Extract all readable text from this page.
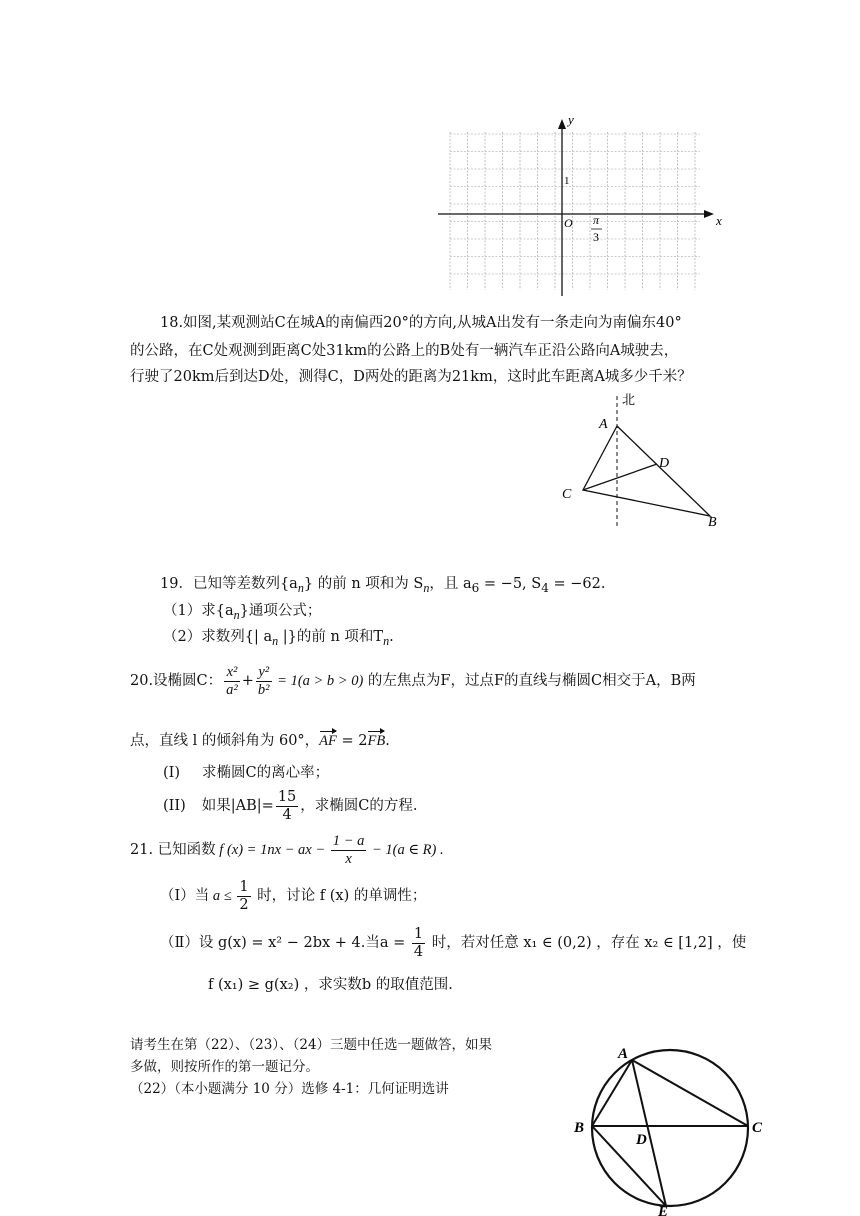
y
x
O
1
π
3
18.如图,某观测站C在城A的南偏西20°的方向,从城A出发有一条走向为南偏东40°
的公路，在C处观测到距离C处31km的公路上的B处有一辆汽车正沿公路向A城驶去，
行驶了20km后到达D处，测得C，D两处的距离为21km，这时此车距离A城多少千米？
北
A
C
D
B
19．已知等差数列$\{a_n\}$ 的前 n 项和为 $S_n$，且 $a_6 = -5$, $S_4 = -62$.
（1）求$\{a_n\}$通项公式；
（2）求数列{| $a_n$ |}的前 n 项和$T_n$.
20.设椭圆C： $\frac{\text{x²}}{\text{a²}} + \frac{\text{y²}}{\text{b²}} = 1(a > b > 0)$ 的左焦点为F，过点F的直线与椭圆C相交于A，B两
点，直线 l 的倾斜角为 60°，AF = 2FB.
(I) 求椭圆C的离心率；
(II) 如果$|AB|= \frac{15}{4}$ ，求椭圆C的方程.
21. 已知函数 f (x) = 1nx − ax − $\frac{1 - a}{x} - 1(a$ ∈ R) .
（Ⅰ）当 $a \le \frac{1}{2}$ 时，讨论 f (x) 的单调性；
（Ⅱ）设 g(x) = x² − 2bx + 4.当$a = \frac{1}{4}$ 时，若对任意 x₁ ∈ (0,2) ，存在 x₂ ∈ [1,2] ，使
f (x₁) ≥ g(x₂) ，求实数b 的取值范围.
请考生在第（22）、（23）、（24）三题中任选一题做答，如果
多做，则按所作的第一题记分。
（22）（本小题满分 10 分）选修 4-1：几何证明选讲
A
B	C
D
E
